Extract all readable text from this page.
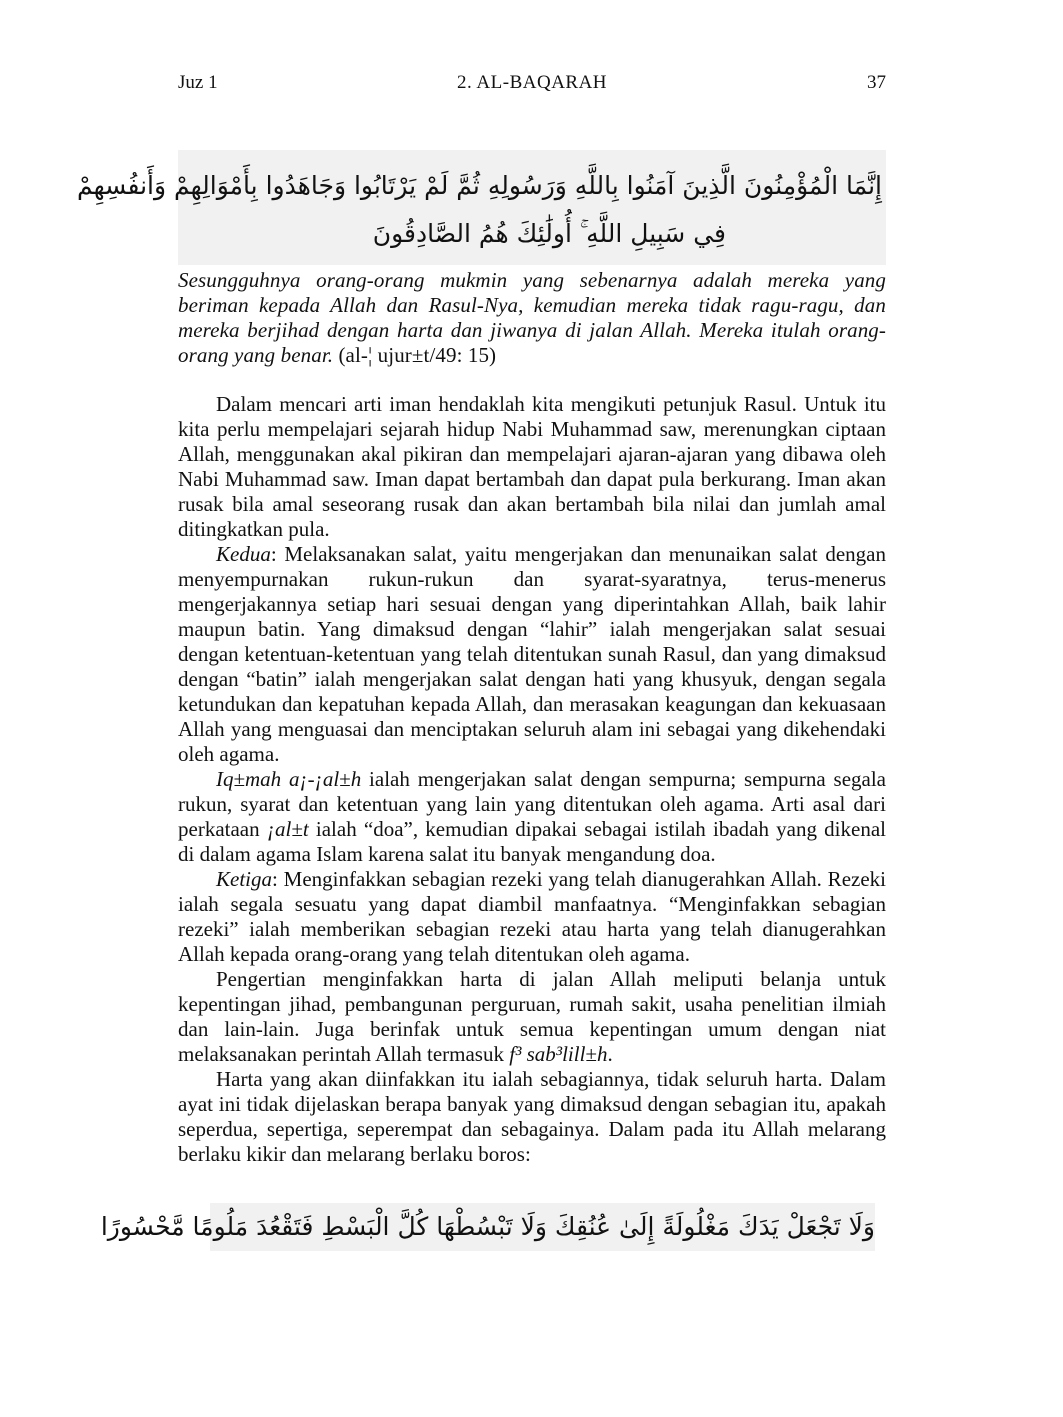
Juz 1	2. AL-BAQARAH	37
إِنَّمَا الْمُؤْمِنُونَ الَّذِينَ آمَنُوا بِاللَّهِ وَرَسُولِهِ ثُمَّ لَمْ يَرْتَابُوا وَجَاهَدُوا بِأَمْوَالِهِمْ وَأَنفُسِهِمْ
فِي سَبِيلِ اللَّهِ ۚ أُولَٰئِكَ هُمُ الصَّادِقُونَ

Sesungguhnya orang-orang mukmin yang sebenarnya adalah mereka yang beriman kepada Allah dan Rasul-Nya, kemudian mereka tidak ragu-ragu, dan mereka berjihad dengan harta dan jiwanya di jalan Allah. Mereka itulah orang-orang yang benar. (al-¦ ujur±t/49: 15)

Dalam mencari arti iman hendaklah kita mengikuti petunjuk Rasul. Untuk itu kita perlu mempelajari sejarah hidup Nabi Muhammad saw, merenungkan ciptaan Allah, menggunakan akal pikiran dan mempelajari ajaran-ajaran yang dibawa oleh Nabi Muhammad saw. Iman dapat bertambah dan dapat pula berkurang. Iman akan rusak bila amal seseorang rusak dan akan bertambah bila nilai dan jumlah amal ditingkatkan pula.

Kedua: Melaksanakan salat, yaitu mengerjakan dan menunaikan salat dengan menyempurnakan rukun-rukun dan syarat-syaratnya, terus-menerus mengerjakannya setiap hari sesuai dengan yang diperintahkan Allah, baik lahir maupun batin. Yang dimaksud dengan “lahir” ialah mengerjakan salat sesuai dengan ketentuan-ketentuan yang telah ditentukan sunah Rasul, dan yang dimaksud dengan “batin” ialah mengerjakan salat dengan hati yang khusyuk, dengan segala ketundukan dan kepatuhan kepada Allah, dan merasakan keagungan dan kekuasaan Allah yang menguasai dan menciptakan seluruh alam ini sebagai yang dikehendaki oleh agama.

Iq±mah a¡-¡al±h ialah mengerjakan salat dengan sempurna; sempurna segala rukun, syarat dan ketentuan yang lain yang ditentukan oleh agama. Arti asal dari perkataan ¡al±t ialah “doa”, kemudian dipakai sebagai istilah ibadah yang dikenal di dalam agama Islam karena salat itu banyak mengandung doa.

Ketiga: Menginfakkan sebagian rezeki yang telah dianugerahkan Allah. Rezeki ialah segala sesuatu yang dapat diambil manfaatnya. “Menginfakkan sebagian rezeki” ialah memberikan sebagian rezeki atau harta yang telah dianugerahkan Allah kepada orang-orang yang telah ditentukan oleh agama.

Pengertian menginfakkan harta di jalan Allah meliputi belanja untuk kepentingan jihad, pembangunan perguruan, rumah sakit, usaha penelitian ilmiah dan lain-lain. Juga berinfak untuk semua kepentingan umum dengan niat melaksanakan perintah Allah termasuk f³ sab³lill±h.

Harta yang akan diinfakkan itu ialah sebagiannya, tidak seluruh harta. Dalam ayat ini tidak dijelaskan berapa banyak yang dimaksud dengan sebagian itu, apakah seperdua, sepertiga, seperempat dan sebagainya. Dalam pada itu Allah melarang berlaku kikir dan melarang berlaku boros:

وَلَا تَجْعَلْ يَدَكَ مَغْلُولَةً إِلَىٰ عُنُقِكَ وَلَا تَبْسُطْهَا كُلَّ الْبَسْطِ فَتَقْعُدَ مَلُومًا مَّحْسُورًا
